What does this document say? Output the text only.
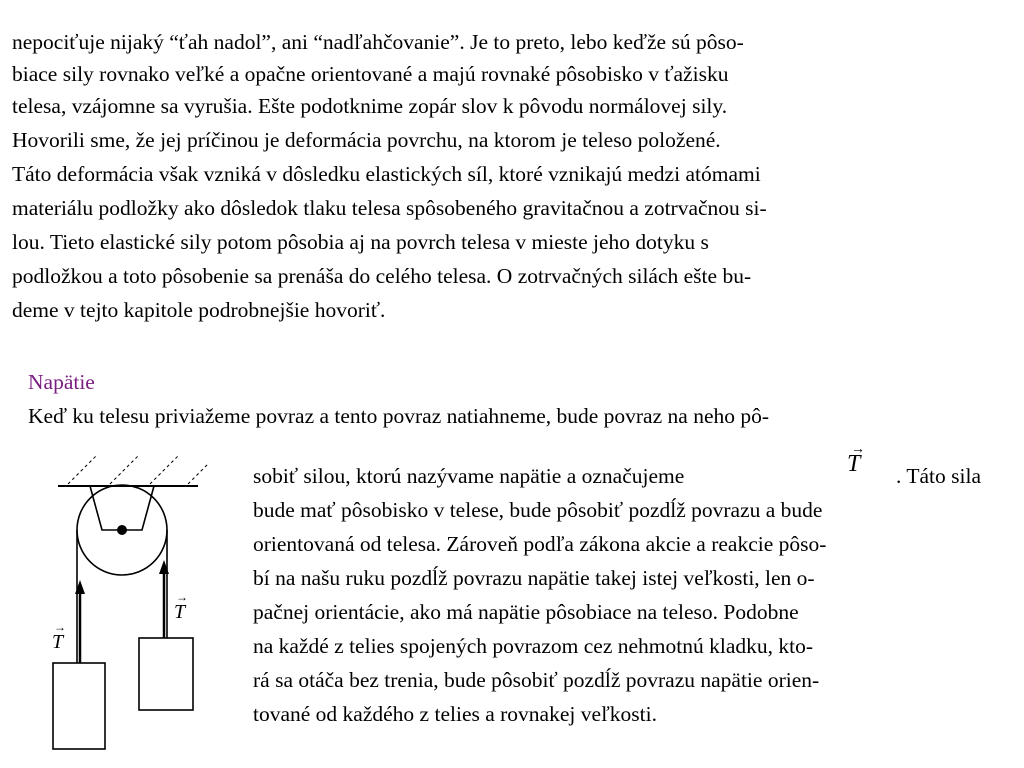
nepociťuje nijaký “ťah nadol”, ani “nadľahčovanie”. Je to preto, lebo keďže sú pôso-
biace sily rovnako veľké a opačne orientované a majú rovnaké pôsobisko v ťažisku
telesa, vzájomne sa vyrušia. Ešte podotknime zopár slov k pôvodu normálovej sily.
Hovorili sme, že jej príčinou je deformácia povrchu, na ktorom je teleso položené.
Táto deformácia však vzniká v dôsledku elastických síl, ktoré vznikajú medzi atómami
materiálu podložky ako dôsledok tlaku telesa spôsobeného gravitačnou a zotrvačnou si-
lou. Tieto elastické sily potom pôsobia aj na povrch telesa v mieste jeho dotyku s
podložkou a toto pôsobenie sa prenáša do celého telesa. O zotrvačných silách ešte bu-
deme v tejto kapitole podrobnejšie hovoriť.
Napätie
Keď ku telesu priviažeme povraz a tento povraz natiahneme, bude povraz na neho pô-
sobiť silou, ktorú nazývame napätie a označujeme
→
T . Táto sila
bude mať pôsobisko v telese, bude pôsobiť pozdĺž povrazu a bude
orientovaná od telesa. Zároveň podľa zákona akcie a reakcie pôso-
bí na našu ruku pozdĺž povrazu napätie takej istej veľkosti, len o-
pačnej orientácie, ako má napätie pôsobiace na teleso. Podobne
na každé z telies spojených povrazom cez nehmotnú kladku, kto-
rá sa otáča bez trenia, bude pôsobiť pozdĺž povrazu napätie orien-
tované od každého z telies a rovnakej veľkosti.
T
→
T
→
